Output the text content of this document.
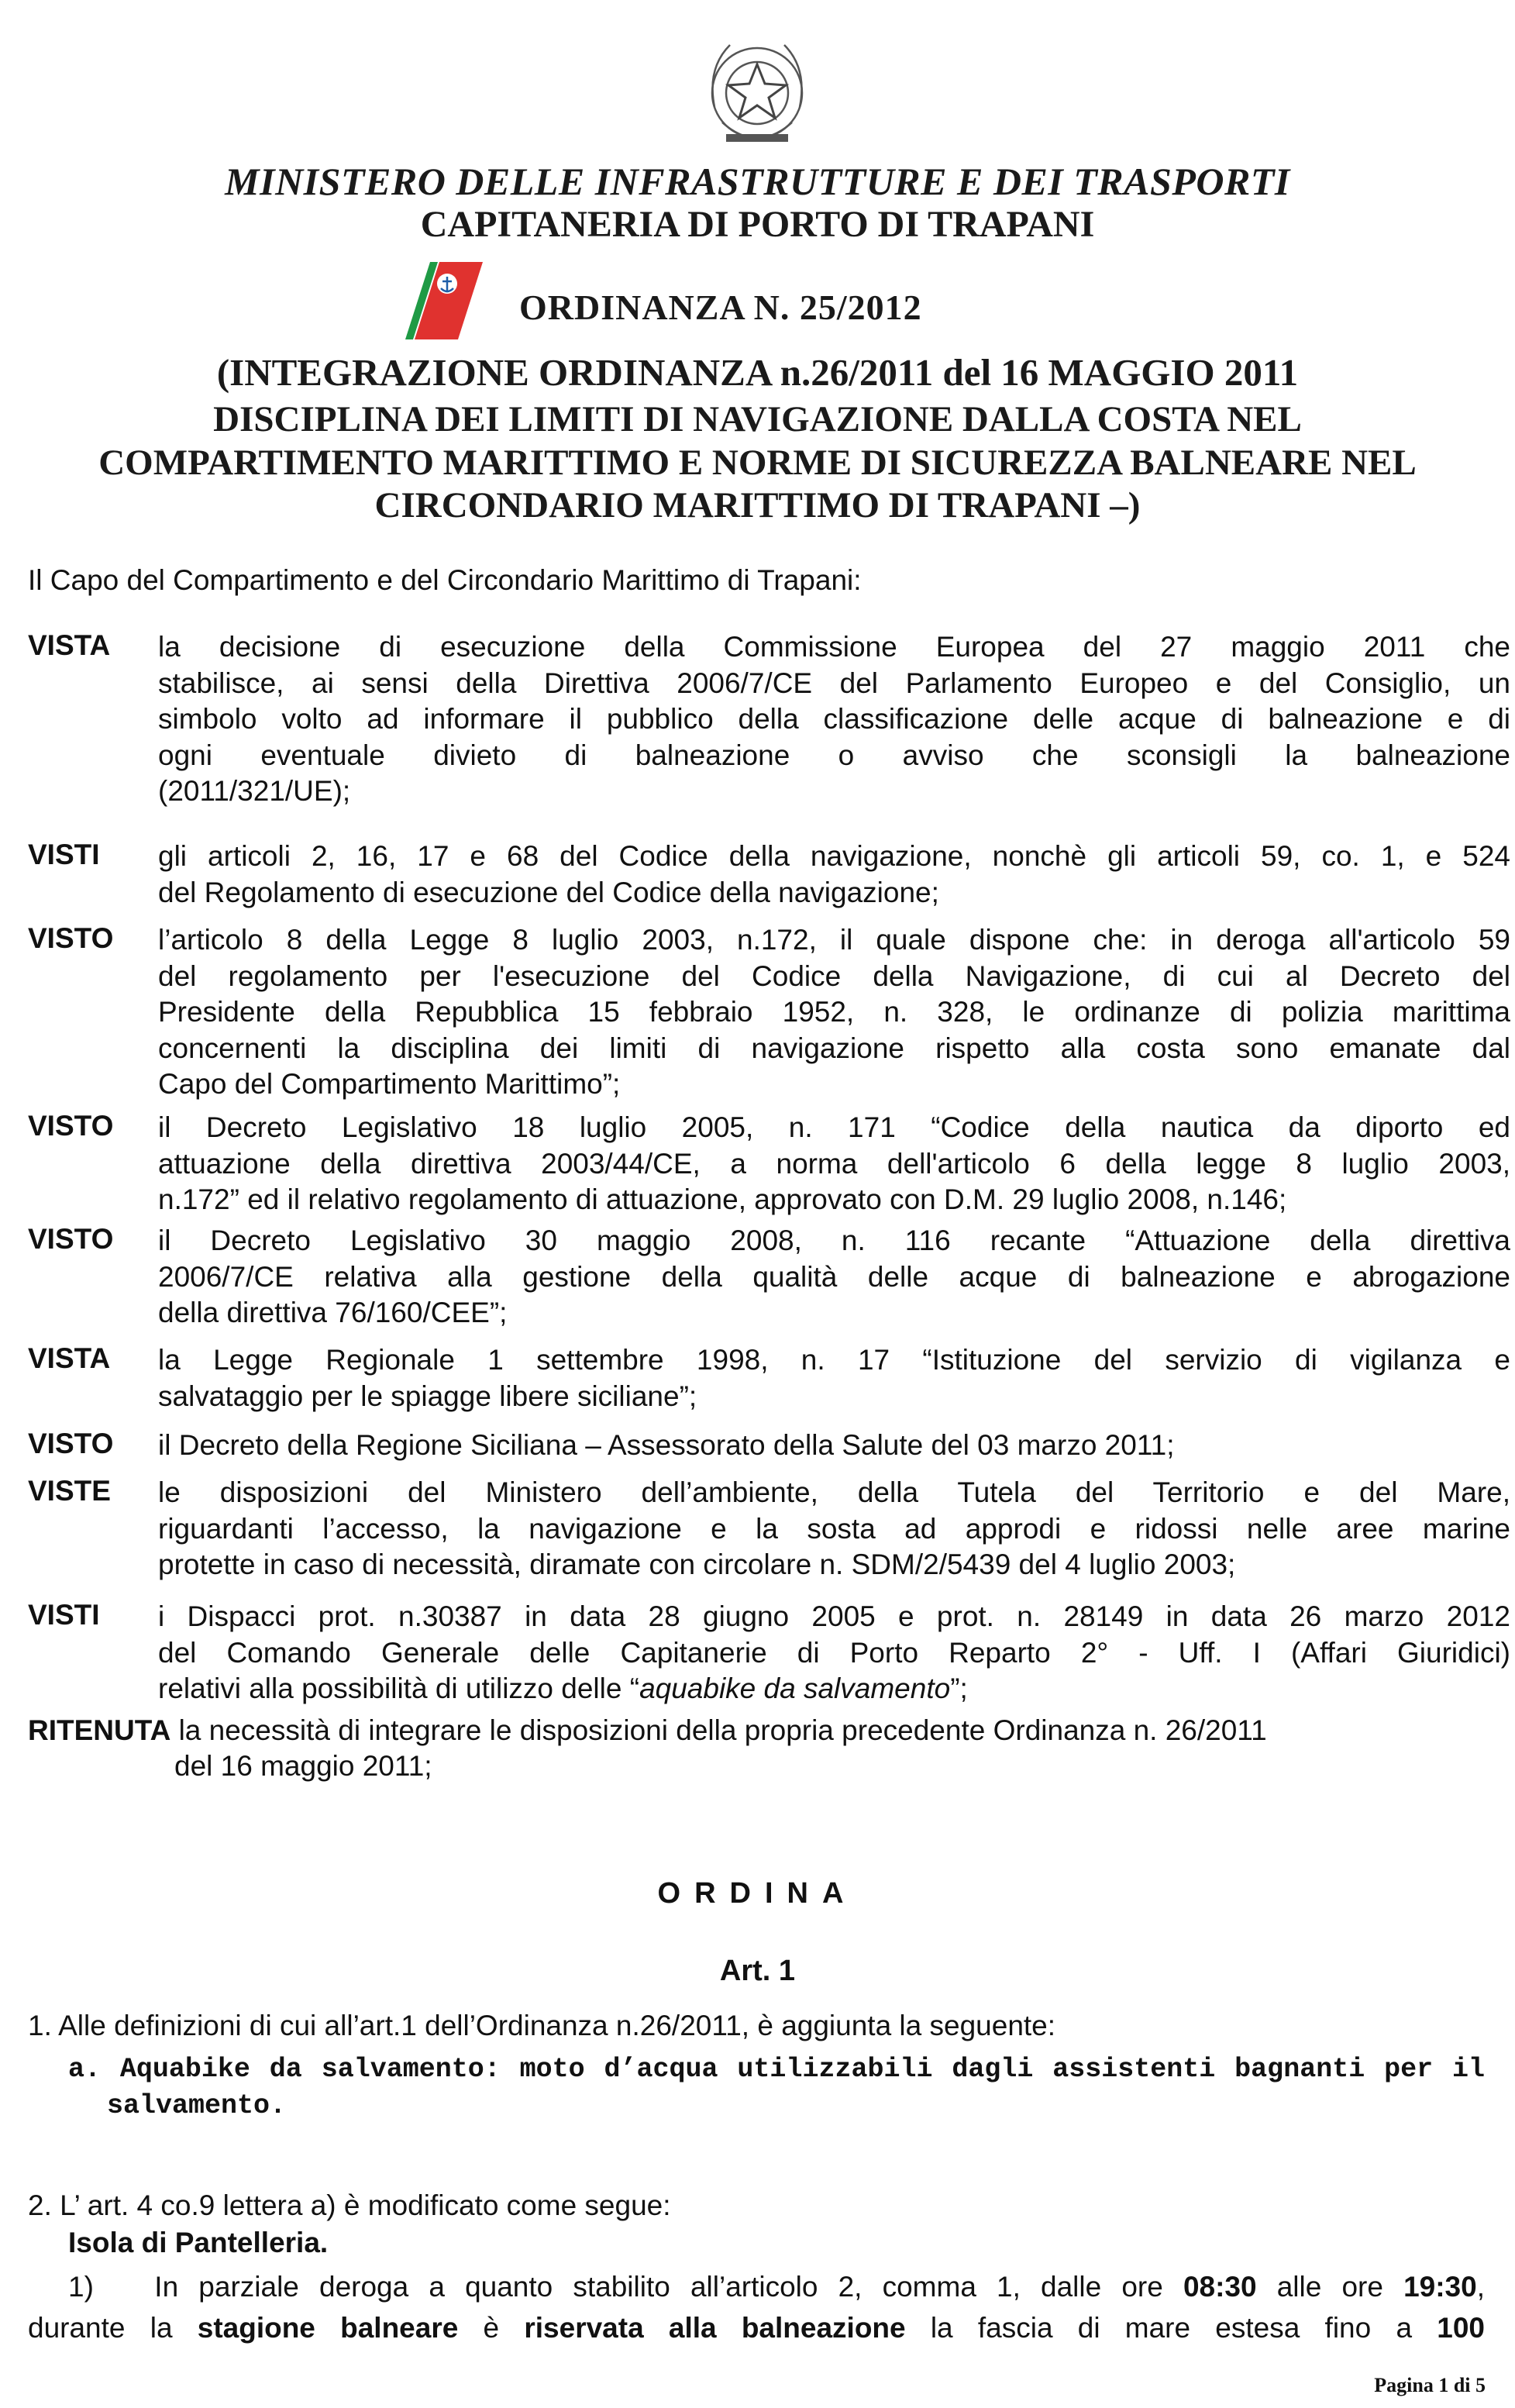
MINISTERO DELLE INFRASTRUTTURE E DEI TRASPORTI
CAPITANERIA DI PORTO DI TRAPANI
ORDINANZA N. 25/2012
(INTEGRAZIONE ORDINANZA n.26/2011 del 16 MAGGIO 2011
DISCIPLINA DEI LIMITI DI NAVIGAZIONE DALLA COSTA NEL
COMPARTIMENTO MARITTIMO E NORME DI SICUREZZA BALNEARE NEL
CIRCONDARIO MARITTIMO DI TRAPANI –)
Il Capo del Compartimento e del Circondario Marittimo di Trapani:
VISTA la decisione di esecuzione della Commissione Europea del 27 maggio 2011 che
stabilisce, ai sensi della Direttiva 2006/7/CE del Parlamento Europeo e del Consiglio, un
simbolo volto ad informare il pubblico della classificazione delle acque di balneazione e di
ogni eventuale divieto di balneazione o avviso che sconsigli la balneazione
(2011/321/UE);
VISTI gli articoli 2, 16, 17 e 68 del Codice della navigazione, nonchè gli articoli 59, co. 1, e 524
del Regolamento di esecuzione del Codice della navigazione;
VISTO l’articolo 8 della Legge 8 luglio 2003, n.172, il quale dispone che: in deroga all'articolo 59
del regolamento per l'esecuzione del Codice della Navigazione, di cui al Decreto del
Presidente della Repubblica 15 febbraio 1952, n. 328, le ordinanze di polizia marittima
concernenti la disciplina dei limiti di navigazione rispetto alla costa sono emanate dal
Capo del Compartimento Marittimo”;
VISTO il Decreto Legislativo 18 luglio 2005, n. 171 “Codice della nautica da diporto ed
attuazione della direttiva 2003/44/CE, a norma dell'articolo 6 della legge 8 luglio 2003,
n.172” ed il relativo regolamento di attuazione, approvato con D.M. 29 luglio 2008, n.146;
VISTO il Decreto Legislativo 30 maggio 2008, n. 116 recante “Attuazione della direttiva
2006/7/CE relativa alla gestione della qualità delle acque di balneazione e abrogazione
della direttiva 76/160/CEE”;
VISTA la Legge Regionale 1 settembre 1998, n. 17 “Istituzione del servizio di vigilanza e
salvataggio per le spiagge libere siciliane”;
VISTO il Decreto della Regione Siciliana – Assessorato della Salute del 03 marzo 2011;
VISTE le disposizioni del Ministero dell’ambiente, della Tutela del Territorio e del Mare,
riguardanti l’accesso, la navigazione e la sosta ad approdi e ridossi nelle aree marine
protette in caso di necessità, diramate con circolare n. SDM/2/5439 del 4 luglio 2003;
VISTI i Dispacci prot. n.30387 in data 28 giugno 2005 e prot. n. 28149 in data 26 marzo 2012
del Comando Generale delle Capitanerie di Porto Reparto 2° - Uff. I (Affari Giuridici)
relativi alla possibilità di utilizzo delle “aquabike da salvamento”;
RITENUTA la necessità di integrare le disposizioni della propria precedente Ordinanza n. 26/2011
del 16 maggio 2011;
ORDINA
Art. 1
1. Alle definizioni di cui all’art.1 dell’Ordinanza n.26/2011, è aggiunta la seguente:
a. Aquabike da salvamento: moto d’acqua utilizzabili dagli assistenti bagnanti per il
salvamento.
2. L’ art. 4 co.9 lettera a) è modificato come segue:
Isola di Pantelleria.
1)   In parziale deroga a quanto stabilito all’articolo 2, comma 1, dalle ore 08:30 alle ore 19:30,
durante la stagione balneare è riservata alla balneazione la fascia di mare estesa fino a 100
Pagina 1 di 5
